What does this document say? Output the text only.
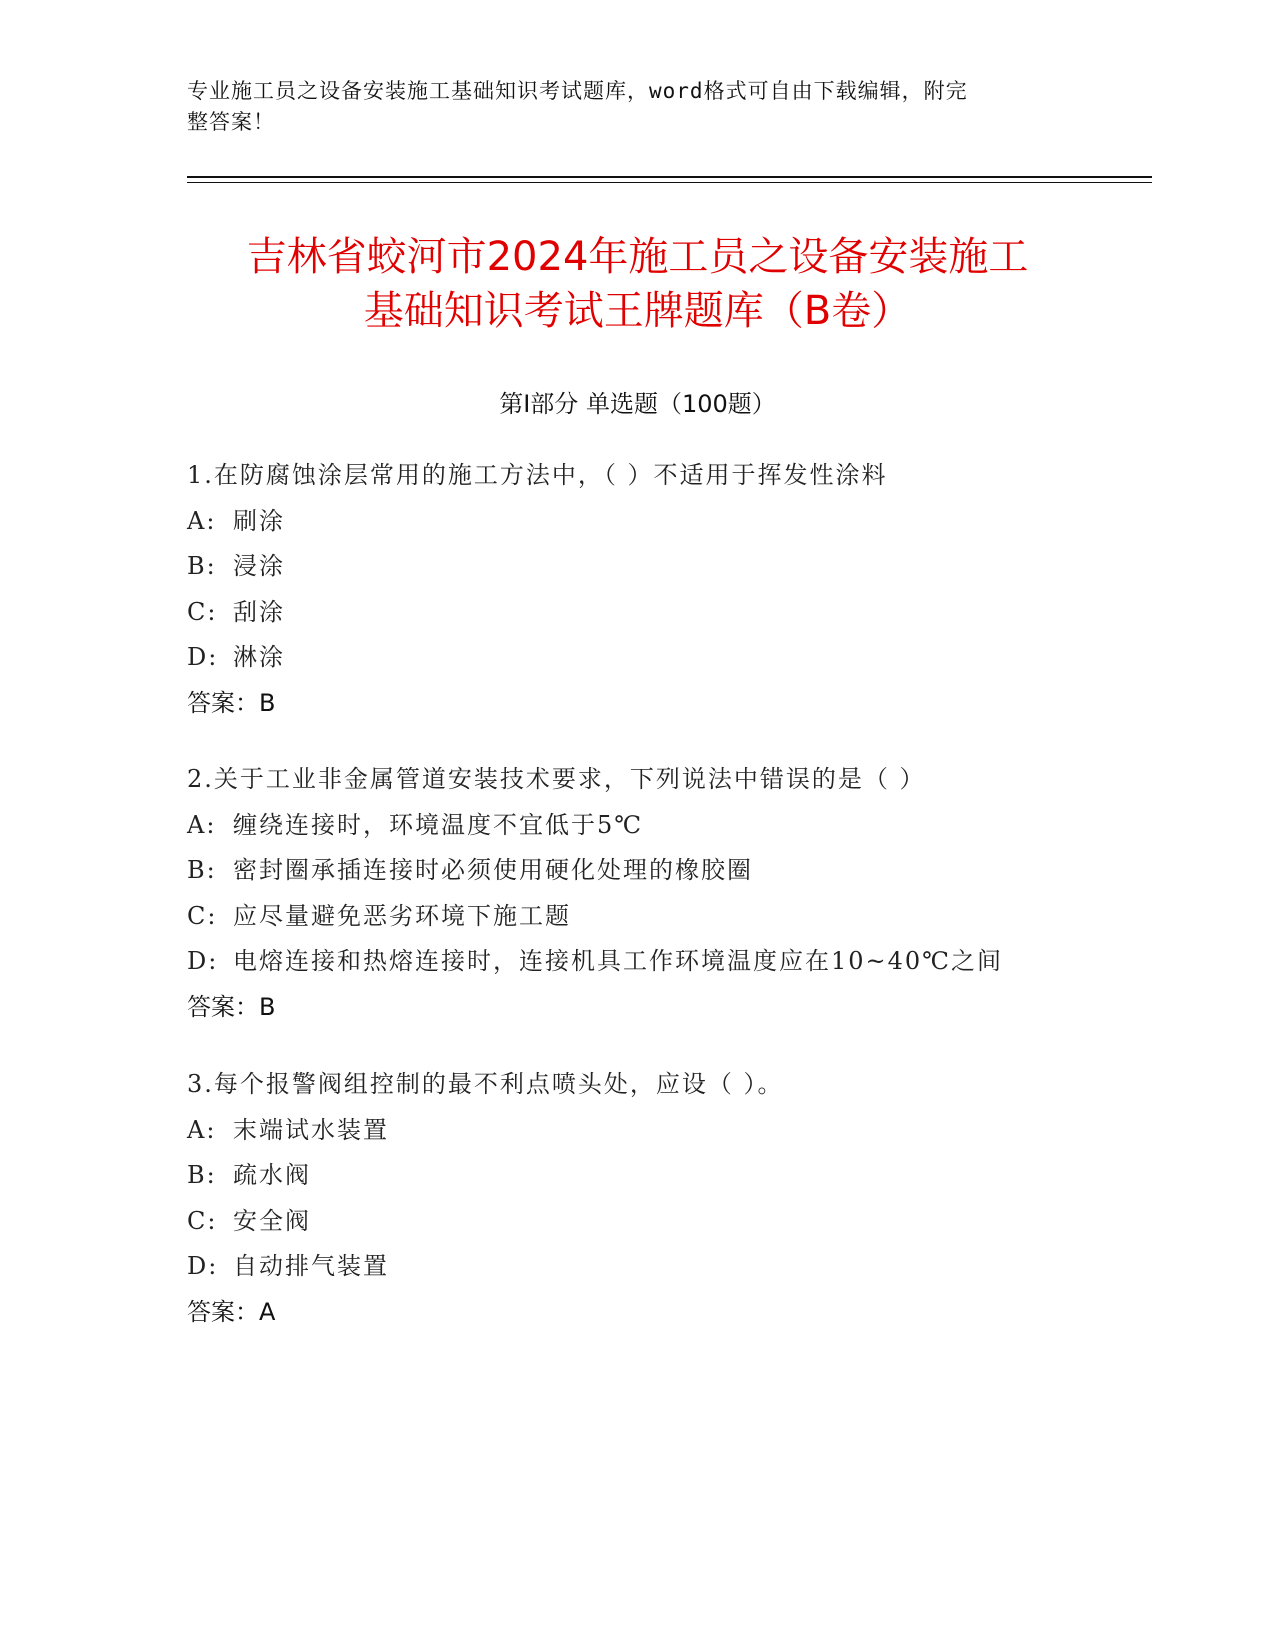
专业施工员之设备安装施工基础知识考试题库，word格式可自由下载编辑，附完
整答案！
吉林省蛟河市2024年施工员之设备安装施工
基础知识考试王牌题库（B卷）
第Ⅰ部分 单选题（100题）
1.在防腐蚀涂层常用的施工方法中，（ ）不适用于挥发性涂料
A: 刷涂
B: 浸涂
C: 刮涂
D: 淋涂
答案：B
2.关于工业非金属管道安装技术要求，下列说法中错误的是（ ）
A: 缠绕连接时，环境温度不宜低于5℃
B: 密封圈承插连接时必须使用硬化处理的橡胶圈
C: 应尽量避免恶劣环境下施工题
D: 电熔连接和热熔连接时，连接机具工作环境温度应在10~40℃之间
答案：B
3.每个报警阀组控制的最不利点喷头处，应设（ ）。
A: 末端试水装置
B: 疏水阀
C: 安全阀
D: 自动排气装置
答案：A
